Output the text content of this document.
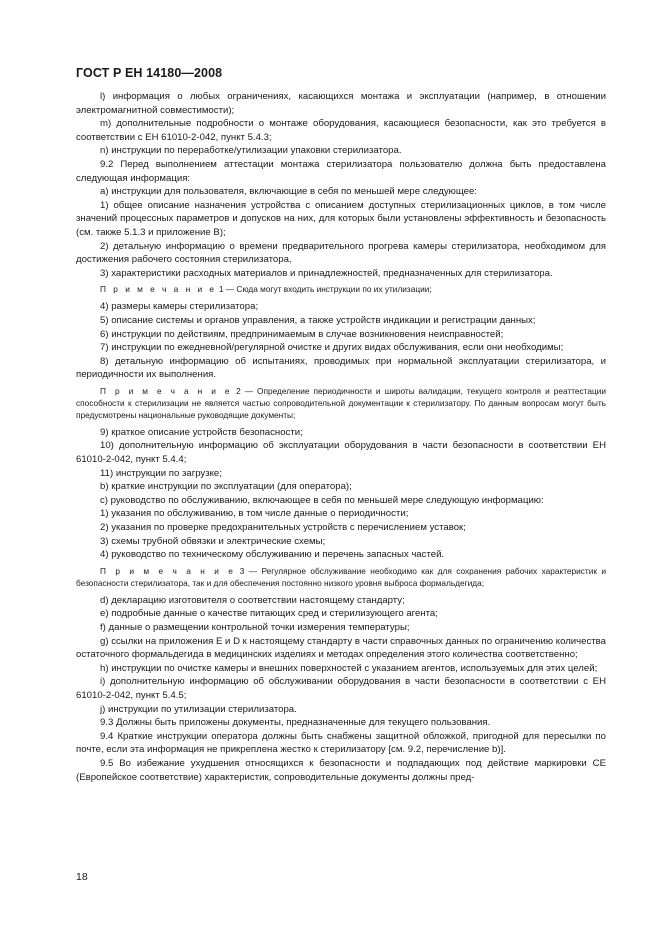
ГОСТ Р ЕН 14180—2008

l) информация о любых ограничениях, касающихся монтажа и эксплуатации (например, в отношении электромагнитной совместимости);

m) дополнительные подробности о монтаже оборудования, касающиеся безопасности, как это требуется в соответствии с ЕН 61010-2-042, пункт 5.4.3;

n) инструкции по переработке/утилизации упаковки стерилизатора.

9.2 Перед выполнением аттестации монтажа стерилизатора пользователю должна быть предоставлена следующая информация:

a) инструкции для пользователя, включающие в себя по меньшей мере следующее:

1) общее описание назначения устройства с описанием доступных стерилизационных циклов, в том числе значений процессных параметров и допусков на них, для которых были установлены эффективность и безопасность (см. также 5.1.3 и приложение В);

2) детальную информацию о времени предварительного прогрева камеры стерилизатора, необходимом для достижения рабочего состояния стерилизатора,

3) характеристики расходных материалов и принадлежностей, предназначенных для стерилизатора.

П р и м е ч а н и е 1 — Сюда могут входить инструкции по их утилизации;

4) размеры камеры стерилизатора;

5) описание системы и органов управления, а также устройств индикации и регистрации данных;

6) инструкции по действиям, предпринимаемым в случае возникновения неисправностей;

7) инструкции по ежедневной/регулярной очистке и других видах обслуживания, если они необходимы;

8) детальную информацию об испытаниях, проводимых при нормальной эксплуатации стерилизатора, и периодичности их выполнения.

П р и м е ч а н и е 2 — Определение периодичности и широты валидации, текущего контроля и реаттестации способности к стерилизации не является частью сопроводительной документации к стерилизатору. По данным вопросам могут быть предусмотрены национальные руководящие документы;

9) краткое описание устройств безопасности;

10) дополнительную информацию об эксплуатации оборудования в части безопасности в соответствии ЕН 61010-2-042, пункт 5.4.4;

11) инструкции по загрузке;

b) краткие инструкции по эксплуатации (для оператора);

c) руководство по обслуживанию, включающее в себя по меньшей мере следующую информацию:

1) указания по обслуживанию, в том числе данные о периодичности;

2) указания по проверке предохранительных устройств с перечислением уставок;

3) схемы трубной обвязки и электрические схемы;

4) руководство по техническому обслуживанию и перечень запасных частей.

П р и м е ч а н и е 3 — Регулярное обслуживание необходимо как для сохранения рабочих характеристик и безопасности стерилизатора, так и для обеспечения постоянно низкого уровня выброса формальдегида;

d) декларацию изготовителя о соответствии настоящему стандарту;

e) подробные данные о качестве питающих сред и стерилизующего агента;

f) данные о размещении контрольной точки измерения температуры;

g) ссылки на приложения Е и D к настоящему стандарту в части справочных данных по ограничению количества остаточного формальдегида в медицинских изделиях и методах определения этого количества соответственно;

h) инструкции по очистке камеры и внешних поверхностей с указанием агентов, используемых для этих целей;

i) дополнительную информацию об обслуживании оборудования в части безопасности в соответствии с ЕН 61010-2-042, пункт 5.4.5;

j) инструкции по утилизации стерилизатора.

9.3 Должны быть приложены документы, предназначенные для текущего пользования.

9.4 Краткие инструкции оператора должны быть снабжены защитной обложкой, пригодной для пересылки по почте, если эта информация не прикреплена жестко к стерилизатору [см. 9.2, перечисление b)].

9.5 Во избежание ухудшения относящихся к безопасности и подпадающих под действие маркировки CE (Европейское соответствие) характеристик, сопроводительные документы должны пред-

18
